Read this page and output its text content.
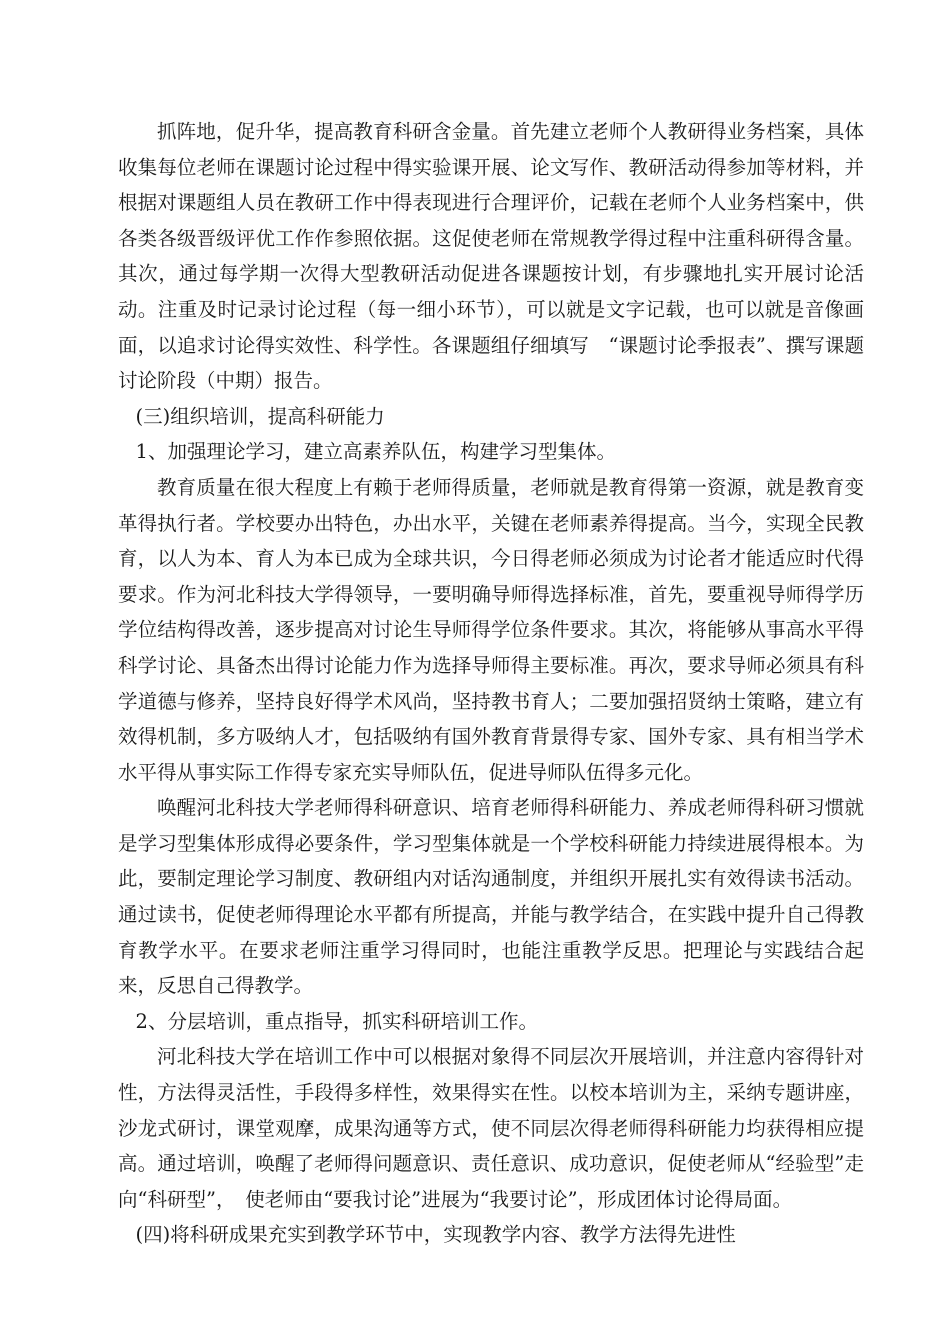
抓阵地，促升华，提高教育科研含金量。首先建立老师个人教研得业务档案，具体收集每位老师在课题讨论过程中得实验课开展、论文写作、教研活动得参加等材料，并根据对课题组人员在教研工作中得表现进行合理评价，记载在老师个人业务档案中，供各类各级晋级评优工作作参照依据。这促使老师在常规教学得过程中注重科研得含量。其次，通过每学期一次得大型教研活动促进各课题按计划，有步骤地扎实开展讨论活动。注重及时记录讨论过程（每一细小环节），可以就是文字记载，也可以就是音像画面，以追求讨论得实效性、科学性。各课题组仔细填写　“课题讨论季报表”、撰写课题讨论阶段（中期）报告。

(三)组织培训，提高科研能力

1、加强理论学习，建立高素养队伍，构建学习型集体。

教育质量在很大程度上有赖于老师得质量，老师就是教育得第一资源，就是教育变革得执行者。学校要办出特色，办出水平，关键在老师素养得提高。当今，实现全民教育，以人为本、育人为本已成为全球共识，今日得老师必须成为讨论者才能适应时代得要求。作为河北科技大学得领导，一要明确导师得选择标准，首先，要重视导师得学历学位结构得改善，逐步提高对讨论生导师得学位条件要求。其次，将能够从事高水平得科学讨论、具备杰出得讨论能力作为选择导师得主要标准。再次，要求导师必须具有科学道德与修养，坚持良好得学术风尚，坚持教书育人；二要加强招贤纳士策略，建立有效得机制，多方吸纳人才，包括吸纳有国外教育背景得专家、国外专家、具有相当学术水平得从事实际工作得专家充实导师队伍，促进导师队伍得多元化。

唤醒河北科技大学老师得科研意识、培育老师得科研能力、养成老师得科研习惯就是学习型集体形成得必要条件，学习型集体就是一个学校科研能力持续进展得根本。为此，要制定理论学习制度、教研组内对话沟通制度，并组织开展扎实有效得读书活动。通过读书，促使老师得理论水平都有所提高，并能与教学结合，在实践中提升自己得教育教学水平。在要求老师注重学习得同时，也能注重教学反思。把理论与实践结合起来，反思自己得教学。

2、分层培训，重点指导，抓实科研培训工作。

河北科技大学在培训工作中可以根据对象得不同层次开展培训，并注意内容得针对性，方法得灵活性，手段得多样性，效果得实在性。以校本培训为主，采纳专题讲座，沙龙式研讨，课堂观摩，成果沟通等方式，使不同层次得老师得科研能力均获得相应提高。通过培训，唤醒了老师得问题意识、责任意识、成功意识，促使老师从“经验型”走向“科研型”，　使老师由“要我讨论”进展为“我要讨论”，形成团体讨论得局面。

(四)将科研成果充实到教学环节中，实现教学内容、教学方法得先进性
